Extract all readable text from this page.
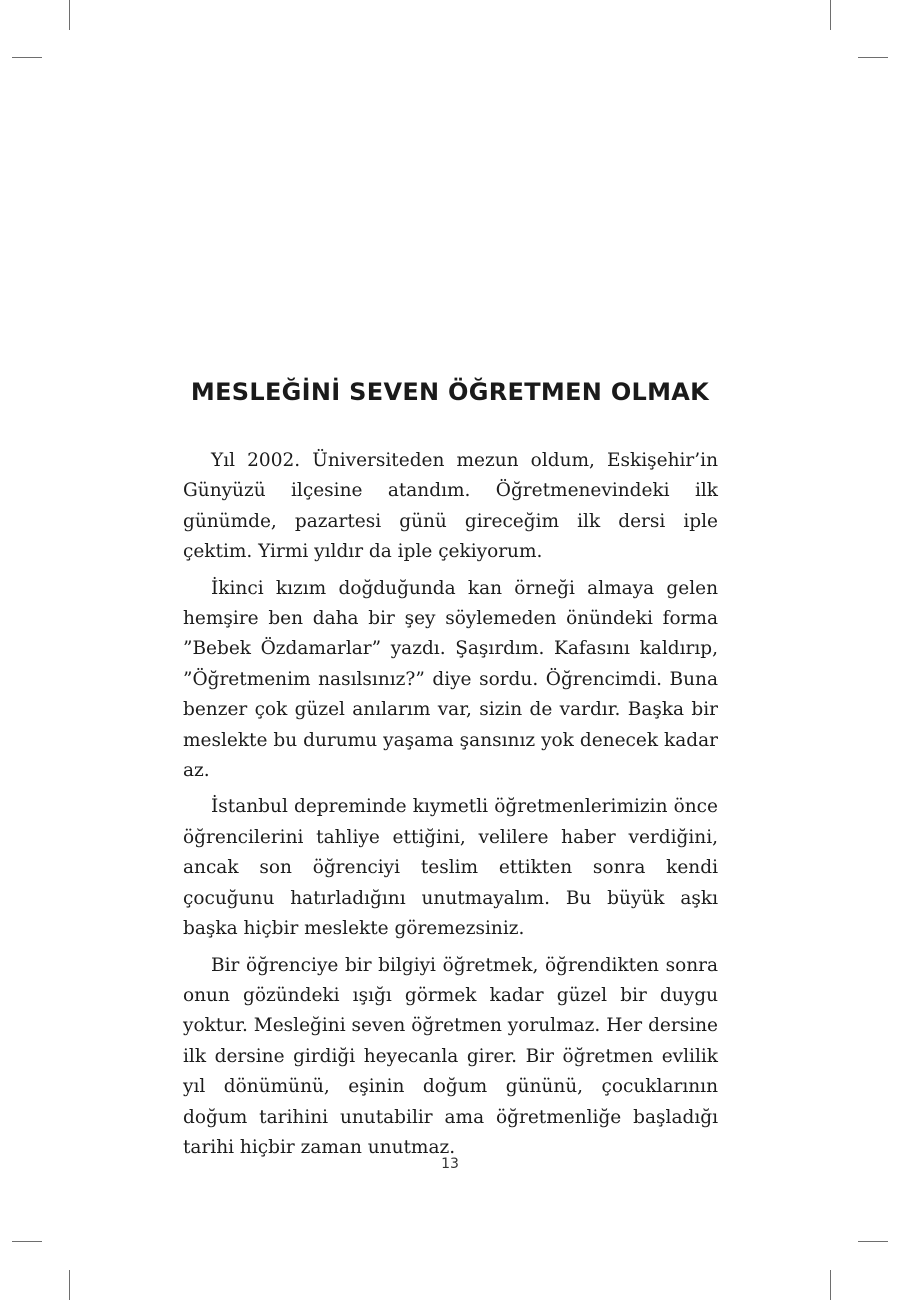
MESLEĞİNİ SEVEN ÖĞRETMEN OLMAK

Yıl 2002. Üniversiteden mezun oldum, Eskişehir’in Günyüzü ilçesine atandım. Öğretmenevindeki ilk günümde, pazartesi günü gireceğim ilk dersi iple çektim. Yirmi yıldır da iple çekiyorum.

İkinci kızım doğduğunda kan örneği almaya gelen hemşire ben daha bir şey söylemeden önündeki forma ”Bebek Özdamarlar” yazdı. Şaşırdım. Kafasını kaldırıp, ”Öğretmenim nasılsınız?” diye sordu. Öğrencimdi. Buna benzer çok güzel anılarım var, sizin de vardır. Başka bir meslekte bu durumu yaşama şansınız yok denecek kadar az.

İstanbul depreminde kıymetli öğretmenlerimizin önce öğrencilerini tahliye ettiğini, velilere haber verdiğini, ancak son öğrenciyi teslim ettikten sonra kendi çocuğunu hatırladığını unutmayalım. Bu büyük aşkı başka hiçbir meslekte göremezsiniz.

Bir öğrenciye bir bilgiyi öğretmek, öğrendikten sonra onun gözündeki ışığı görmek kadar güzel bir duygu yoktur. Mesleğini seven öğretmen yorulmaz. Her dersine ilk dersine girdiği heyecanla girer. Bir öğretmen evlilik yıl dönümünü, eşinin doğum gününü, çocuklarının doğum tarihini unutabilir ama öğretmenliğe başladığı tarihi hiçbir zaman unutmaz.

13
